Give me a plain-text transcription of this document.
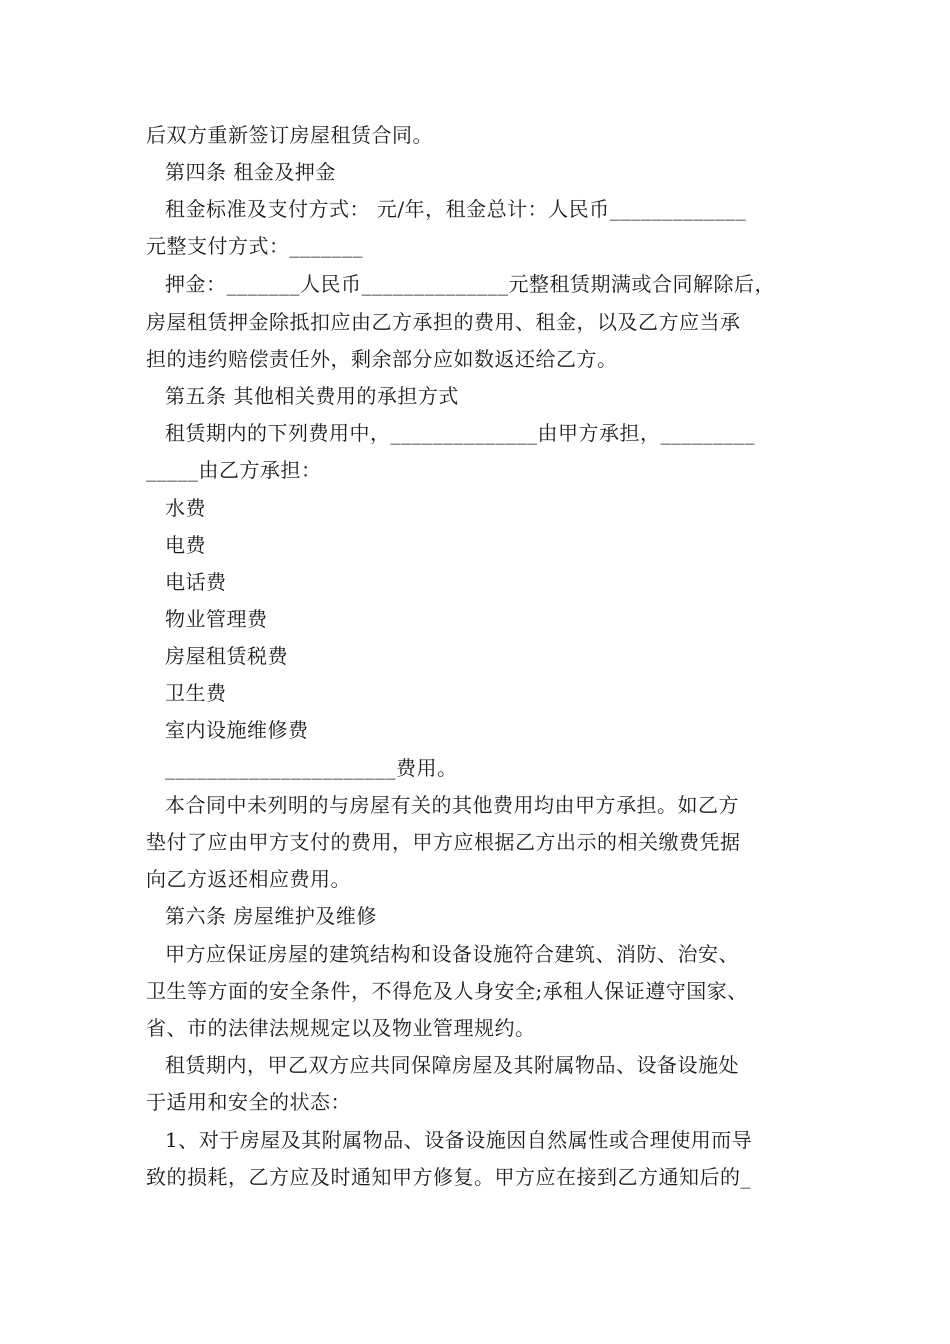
后双方重新签订房屋租赁合同。
第四条 租金及押金
租金标准及支付方式： 元/年，租金总计：人民币_____________
元整支付方式：_______
押金：_______人民币______________元整租赁期满或合同解除后，
房屋租赁押金除抵扣应由乙方承担的费用、租金，以及乙方应当承
担的违约赔偿责任外，剩余部分应如数返还给乙方。
第五条 其他相关费用的承担方式
租赁期内的下列费用中，______________由甲方承担，_________
_____由乙方承担：
水费
电费
电话费
物业管理费
房屋租赁税费
卫生费
室内设施维修费
______________________费用。
本合同中未列明的与房屋有关的其他费用均由甲方承担。如乙方
垫付了应由甲方支付的费用，甲方应根据乙方出示的相关缴费凭据
向乙方返还相应费用。
第六条 房屋维护及维修
甲方应保证房屋的建筑结构和设备设施符合建筑、消防、治安、
卫生等方面的安全条件，不得危及人身安全;承租人保证遵守国家、
省、市的法律法规规定以及物业管理规约。
租赁期内，甲乙双方应共同保障房屋及其附属物品、设备设施处
于适用和安全的状态：
1、对于房屋及其附属物品、设备设施因自然属性或合理使用而导
致的损耗，乙方应及时通知甲方修复。甲方应在接到乙方通知后的_
